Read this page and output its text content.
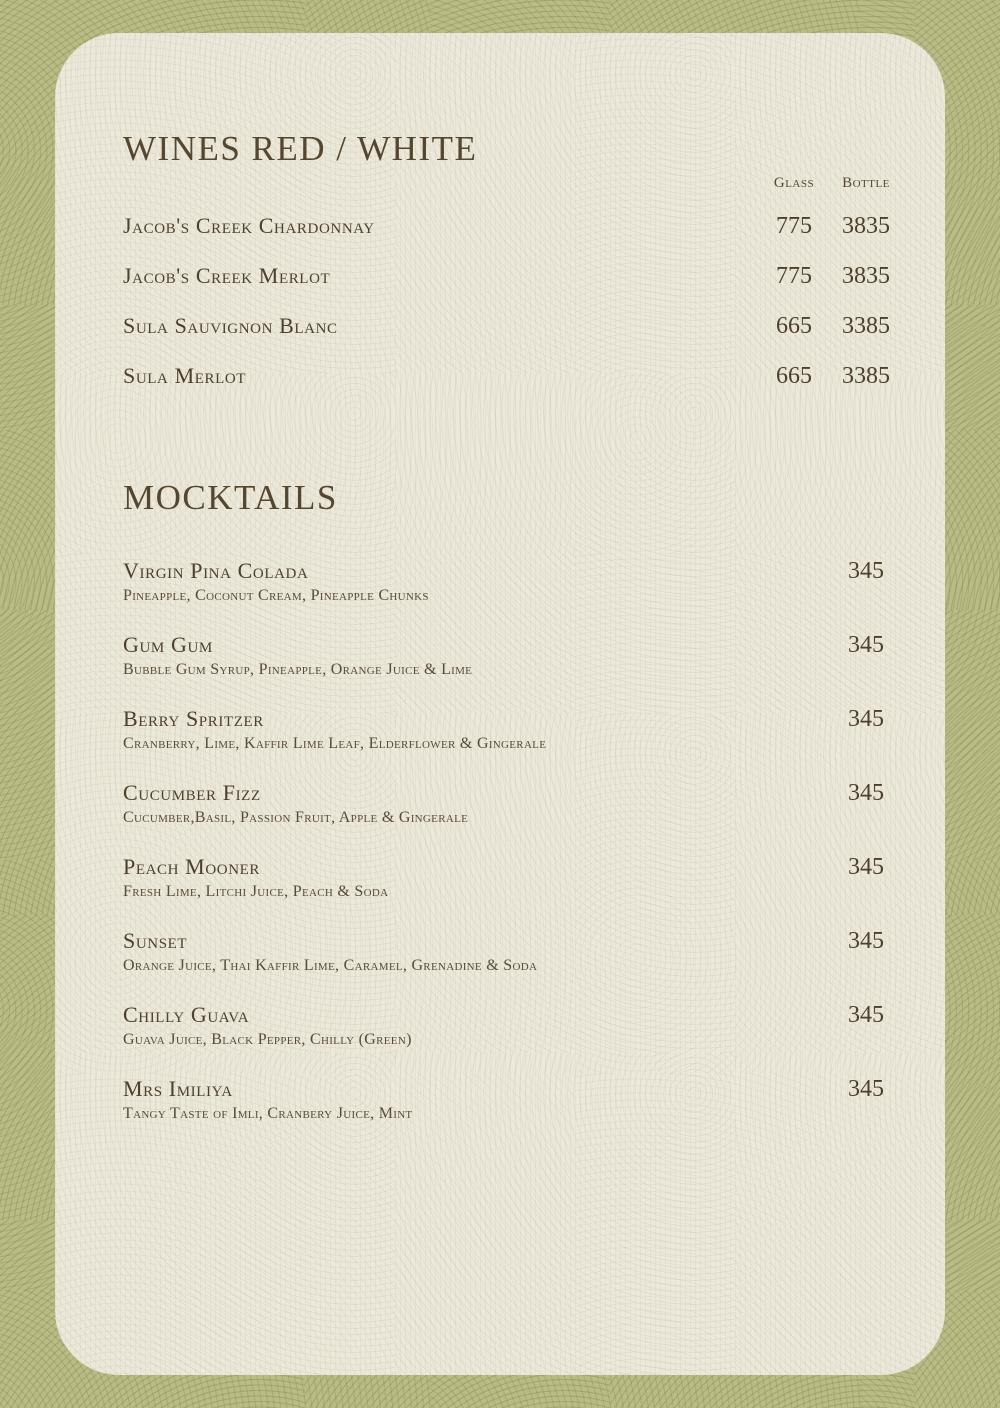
WINES RED / WHITE
Glass	Bottle
Jacob's Creek Chardonnay	775	3835
Jacob's Creek Merlot	775	3835
Sula Sauvignon Blanc	665	3385
Sula Merlot	665	3385
MOCKTAILS
Virgin Pina Colada	345
Pineapple, Coconut Cream, Pineapple Chunks
Gum Gum	345
Bubble Gum Syrup, Pineapple, Orange Juice & Lime
Berry Spritzer	345
Cranberry, Lime, Kaffir Lime Leaf, Elderflower & Gingerale
Cucumber Fizz	345
Cucumber,Basil, Passion Fruit, Apple & Gingerale
Peach Mooner	345
Fresh Lime, Litchi Juice, Peach & Soda
Sunset	345
Orange Juice, Thai Kaffir Lime, Caramel, Grenadine & Soda
Chilly Guava	345
Guava Juice, Black Pepper, Chilly (Green)
Mrs Imiliya	345
Tangy Taste of Imli, Cranbery Juice, Mint
